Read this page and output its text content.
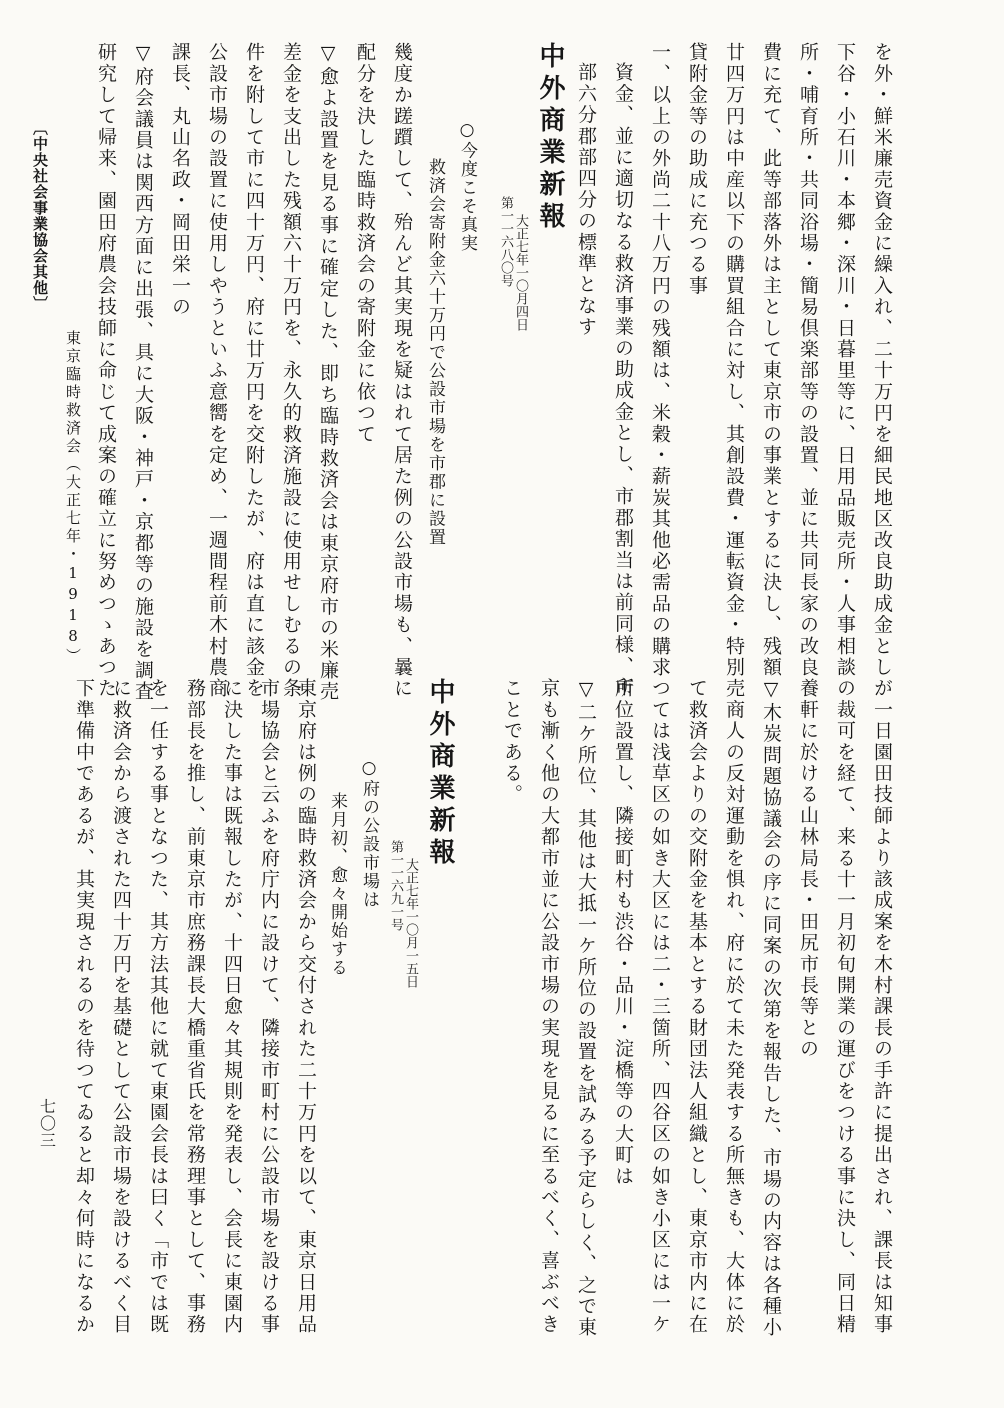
を外・鮮米廉売資金に繰入れ、二十万円を細民地区改良助成金とし
下谷・小石川・本郷・深川・日暮里等に、日用品販売所・人事相談
所・哺育所・共同浴場・簡易倶楽部等の設置、並に共同長家の改良
費に充て、此等部落外は主として東京市の事業とするに決し、残額
廿四万円は中産以下の購買組合に対し、其創設費・運転資金・特別
貸附金等の助成に充つる事
一、以上の外尚二十八万円の残額は、米穀・薪炭其他必需品の購求
資金、並に適切なる救済事業の助成金とし、市郡割当は前同様、市
部六分郡部四分の標準となす
中外商業新報
第一一六八〇号 大正七年一〇月四日
○今度こそ真実
救済会寄附金六十万円で公設市場を市郡に設置
幾度か蹉躓して、殆んど其実現を疑はれて居た例の公設市場も、曩に
配分を決した臨時救済会の寄附金に依つて
▽愈よ設置を見る事に確定した、即ち臨時救済会は東京府市の米廉売
差金を支出した残額六十万円を、永久的救済施設に使用せしむるの条
件を附して市に四十万円、府に廿万円を交附したが、府は直に該金を
公設市場の設置に使用しやうといふ意嚮を定め、一週間程前木村農商
課長、丸山名政・岡田栄一の
▽府会議員は関西方面に出張、具に大阪・神戸・京都等の施設を調査
研究して帰来、園田府農会技師に命じて成案の確立に努めつゝあつた
東京臨時救済会（大正七年・1918）
〔中央社会事業協会其他〕
が一日園田技師より該成案を木村課長の手許に提出され、課長は知事
の裁可を経て、来る十一月初旬開業の運びをつける事に決し、同日精
養軒に於ける山林局長・田尻市長等との
▽木炭問題協議会の序に同案の次第を報告した、市場の内容は各種小
売商人の反対運動を惧れ、府に於て未た発表する所無きも、大体に於
て救済会よりの交附金を基本とする財団法人組織とし、東京市内に在
つては浅草区の如き大区には二・三箇所、四谷区の如き小区には一ケ
所位設置し、隣接町村も渋谷・品川・淀橋等の大町は
▽二ケ所位、其他は大抵一ケ所位の設置を試みる予定らしく、之で東
京も漸く他の大都市並に公設市場の実現を見るに至るべく、喜ぶべき
ことである。
中外商業新報
第一一六九一号 大正七年一〇月一五日
○府の公設市場は
来月初、愈々開始する
東京府は例の臨時救済会から交付された二十万円を以て、東京日用品
市場協会と云ふを府庁内に設けて、隣接市町村に公設市場を設ける事
に決した事は既報したが、十四日愈々其規則を発表し、会長に東園内
務部長を推し、前東京市庶務課長大橋重省氏を常務理事として、事務
を一任する事となつた、其方法其他に就て東園会長は曰く「市では既
に救済会から渡された四十万円を基礎として公設市場を設けるべく目
下準備中であるが、其実現されるのを待つてゐると却々何時になるか
七〇三
